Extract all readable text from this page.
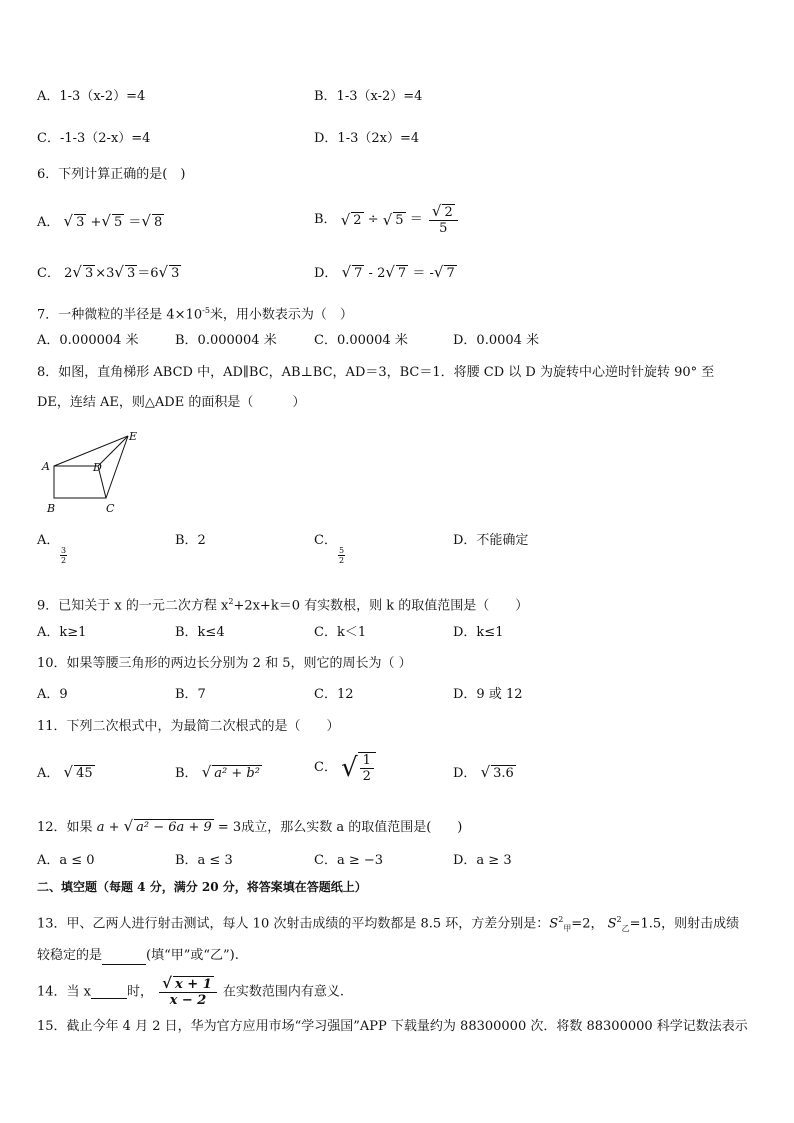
A．1-3（x-2）=4	B．1-3（x-2）=4
C．-1-3（2-x）=4	D．1-3（2x）=4
6．下列计算正确的是(　)
A． √ 3 +√ 5 ＝√ 8	B． √ 2 ÷ √ $5 = \frac{√ 2}{5}$
C． 2√ 3 ×3√ 3 ＝6√ 3	D． √ 7 - 2√ 7 ＝ -√ 7
7．一种微粒的半径是 $4\times 10^{-5}$米，用小数表示为（　）
A．0.000004 米	B．0.000004 米	C．0.00004 米	D．0.0004 米
8．如图，直角梯形 ABCD 中，AD∥BC，AB⊥BC，AD＝3，BC＝1．将腰 CD 以 D 为旋转中心逆时针旋转 90° 至
DE，连结 AE，则△ADE 的面积是（　　　）
A
B	C
D
E
A．
$\frac{3}{2}$
B．2	C．
$\frac{5}{2}$
D．不能确定
9．已知关于 x 的一元二次方程 $x^2+2x+k=0$ 有实数根，则 k 的取值范围是（　　）
A．k≥1	B．k≤4	C．k＜1	D．k≤1
10．如果等腰三角形的两边长分别为 2 和 5，则它的周长为（ ）
A．9	B．7	C．12	D．9 或 12
11．下列二次根式中，为最简二次根式的是（　　）
A． √ 45	B． √ a² + b²	C． √ $\frac{1}{2}$	D． √ 3.6
12．如果 a + √ a² − 6a + 9 = 3成立，那么实数 a 的取值范围是(　　)
A．a ≤ 0	B．a ≤ 3	C．a ≥ −3	D．a ≥ 3
二、填空题（每题 4 分，满分 20 分，将答案填在答题纸上）
13．甲、乙两人进行射击测试，每人 10 次射击成绩的平均数都是 8.5 环，方差分别是：$S^2_甲=2$， $S^2_乙=1.5$，则射击成绩
较稳定的是	(填“甲”或“乙”).
14．当 x	时， $\frac{√ x + 1}{x - 2}$ 在实数范围内有意义.
15．截止今年 4 月 2 日，华为官方应用市场“学习强国”APP 下载量约为 88300000 次．将数 88300000 科学记数法表示
